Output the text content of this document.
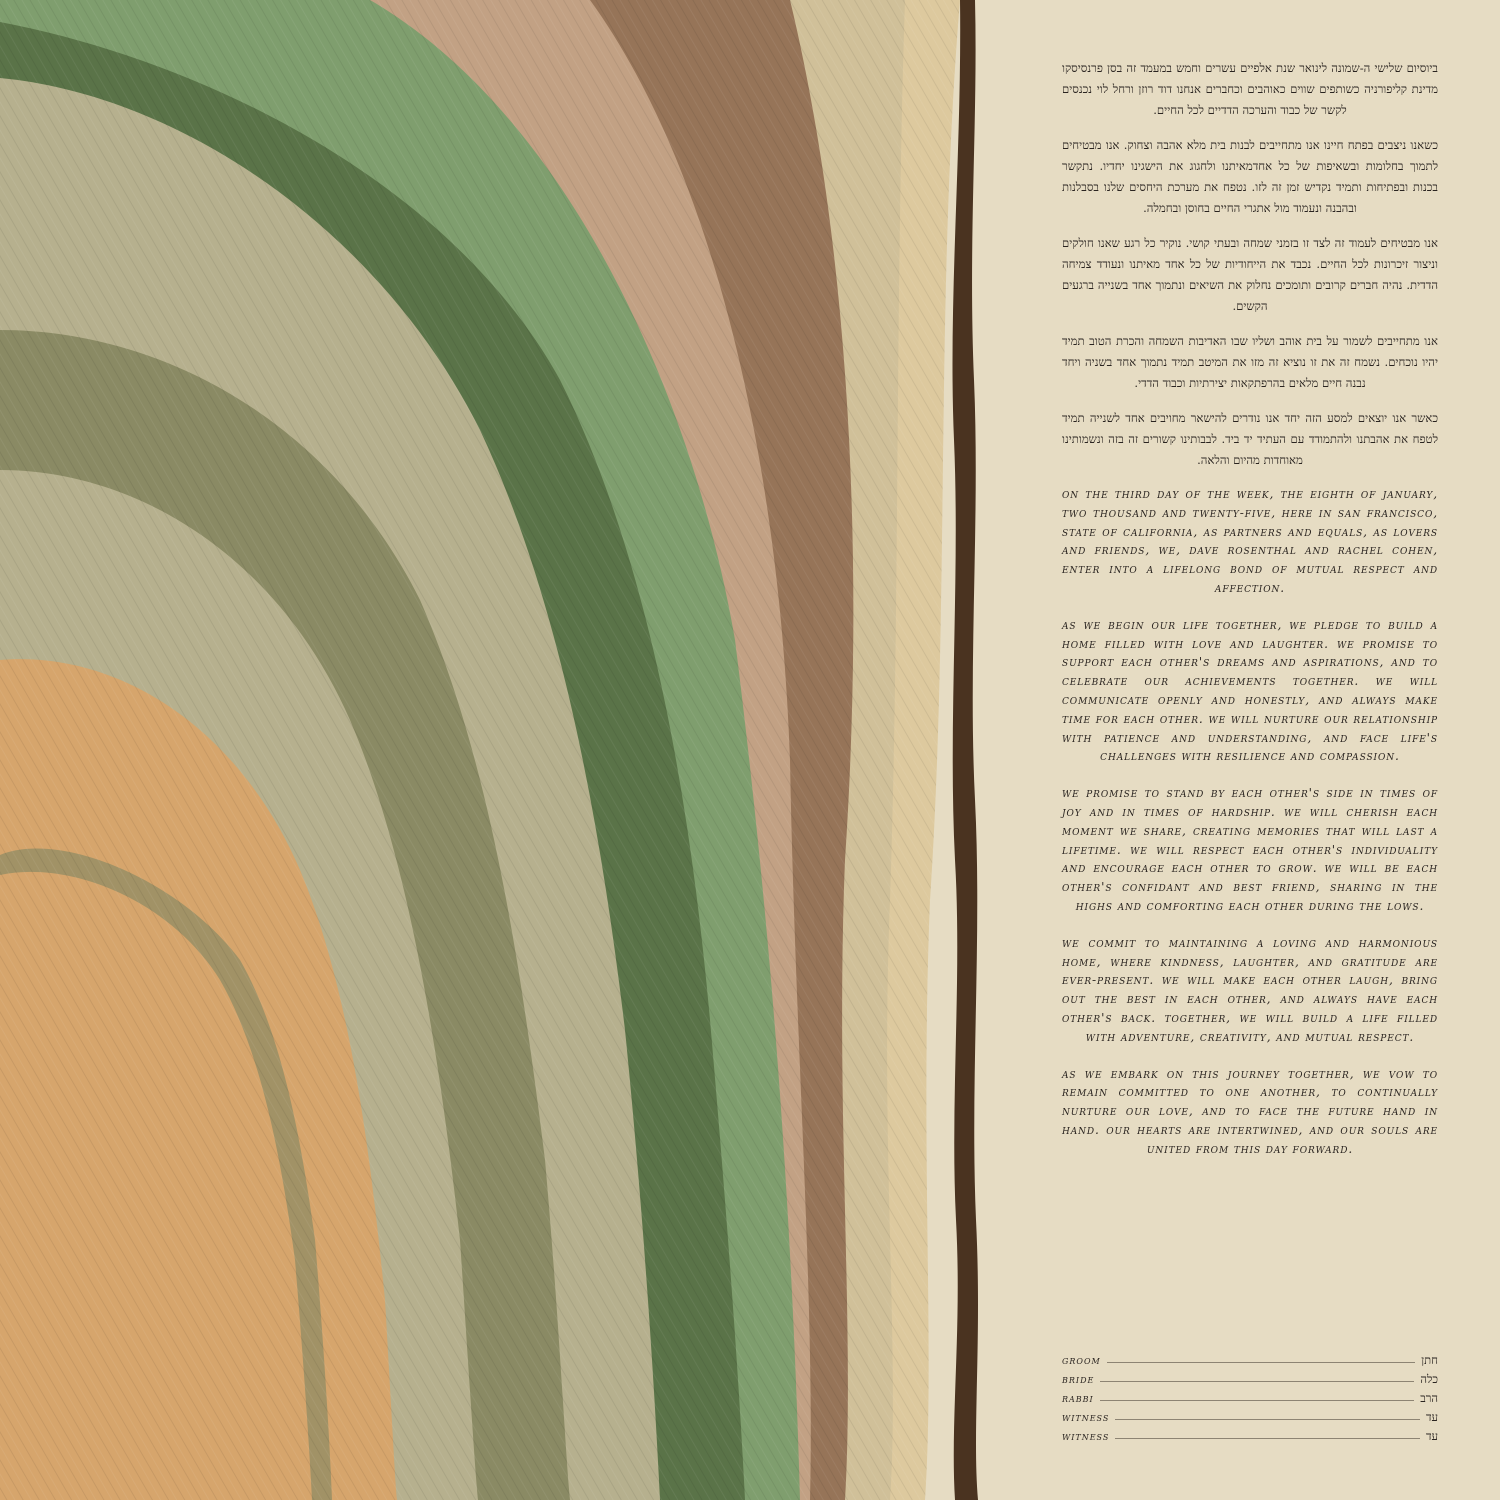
ביוסיום שלישי ה-שמונה לינואר שנת אלפיים עשרים וחמש במעמד זה בסן פרנסיסקו מדינת קליפורניה כשותפים שווים כאוהבים וכחברים אנחנו דוד רוזן ורחל לוי נכנסים לקשר של כבוד והערכה הדדיים לכל החיים.

כשאנו ניצבים בפתח חיינו אנו מתחייבים לבנות בית מלא אהבה וצחוק. אנו מבטיחים לתמוך בחלומות ובשאיפות של כל אחדמאיתנו ולחגוג את הישגינו יחדיו. נתקשר בכנות ובפתיחות ותמיד נקדיש זמן זה לזו. נטפח את מערכת היחסים שלנו בסבלנות ובהבנה ונעמוד מול אתגרי החיים בחוסן ובחמלה.

אנו מבטיחים לעמוד זה לצד זו בזמני שמחה ובעתי קושי. נוקיר כל רגע שאנו חולקים וניצור זיכרונות לכל החיים. נכבד את הייחודיות של כל אחד מאיתנו ונעודד צמיחה הדדית. נהיה חברים קרובים ותומכים נחלוק את השיאים ונתמוך אחד בשנייה ברגעים הקשים.

אנו מתחייבים לשמור על בית אוהב ושליו שבו האדיבות השמחה והכרת הטוב תמיד יהיו נוכחים. נשמח זה את זו נוציא זה מזו את המיטב תמיד נתמוך אחד בשניה ויחד נבנה חיים מלאים בהרפתקאות יצירתיות וכבוד הדדי.

כאשר אנו יוצאים למסע הזה יחד אנו נודרים להישאר מחויבים אחד לשנייה תמיד לטפח את אהבתנו ולהתמודד עם העתיד יד ביד. לבבותינו קשורים זה בזה ונשמותינו מאוחדות מהיום והלאה.

on the third day of the week, the eighth of january, two thousand and twenty-five, here in san francisco, state of california, as partners and equals, as lovers and friends, we, dave rosenthal and rachel cohen, enter into a lifelong bond of mutual respect and affection.

as we begin our life together, we pledge to build a home filled with love and laughter. we promise to support each other's dreams and aspirations, and to celebrate our achievements together. we will communicate openly and honestly, and always make time for each other. we will nurture our relationship with patience and understanding, and face life's challenges with resilience and compassion.

we promise to stand by each other's side in times of joy and in times of hardship. we will cherish each moment we share, creating memories that will last a lifetime. we will respect each other's individuality and encourage each other to grow. we will be each other's confidant and best friend, sharing in the highs and comforting each other during the lows.

we commit to maintaining a loving and harmonious home, where kindness, laughter, and gratitude are ever-present. we will make each other laugh, bring out the best in each other, and always have each other's back. together, we will build a life filled with adventure, creativity, and mutual respect.

as we embark on this journey together, we vow to remain committed to one another, to continually nurture our love, and to face the future hand in hand. our hearts are intertwined, and our souls are united from this day forward.

groom	חתן
bride	כלה
rabbi	הרב
witness	עד
witness	עד
